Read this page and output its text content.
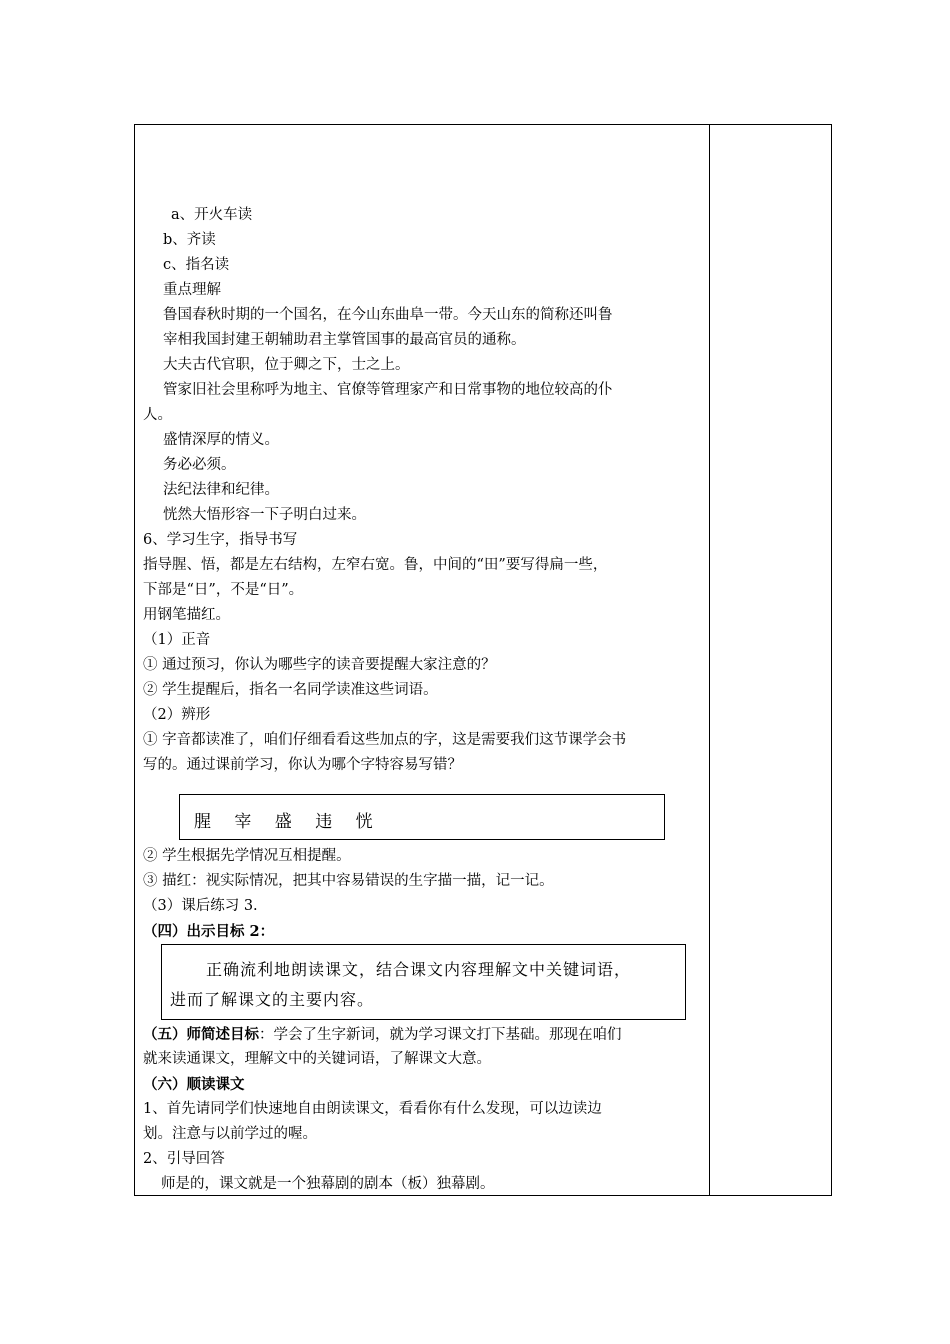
a、开火车读
b、齐读
c、指名读
重点理解
鲁国春秋时期的一个国名，在今山东曲阜一带。今天山东的简称还叫鲁
宰相我国封建王朝辅助君主掌管国事的最高官员的通称。
大夫古代官职，位于卿之下，士之上。
管家旧社会里称呼为地主、官僚等管理家产和日常事物的地位较高的仆
人。
盛情深厚的情义。
务必必须。
法纪法律和纪律。
恍然大悟形容一下子明白过来。
6、学习生字，指导书写
指导腥、悟，都是左右结构，左窄右宽。鲁，中间的“田”要写得扁一些，
下部是“日”，不是“日”。
用钢笔描红。
（1）正音
① 通过预习，你认为哪些字的读音要提醒大家注意的？
② 学生提醒后，指名一名同学读准这些词语。
（2）辨形
① 字音都读准了，咱们仔细看看这些加点的字，这是需要我们这节课学会书
写的。通过课前学习，你认为哪个字特容易写错？
腥 宰 盛 违 恍
② 学生根据先学情况互相提醒。
③ 描红：视实际情况，把其中容易错误的生字描一描，记一记。
（3）课后练习 3.
（四）出示目标 2：
正确流利地朗读课文，结合课文内容理解文中关键词语，
进而了解课文的主要内容。
（五）师简述目标：学会了生字新词，就为学习课文打下基础。那现在咱们
就来读通课文，理解文中的关键词语，了解课文大意。
（六）顺读课文
1、首先请同学们快速地自由朗读课文，看看你有什么发现，可以边读边
划。注意与以前学过的喔。
2、引导回答
师是的，课文就是一个独幕剧的剧本（板）独幕剧。
